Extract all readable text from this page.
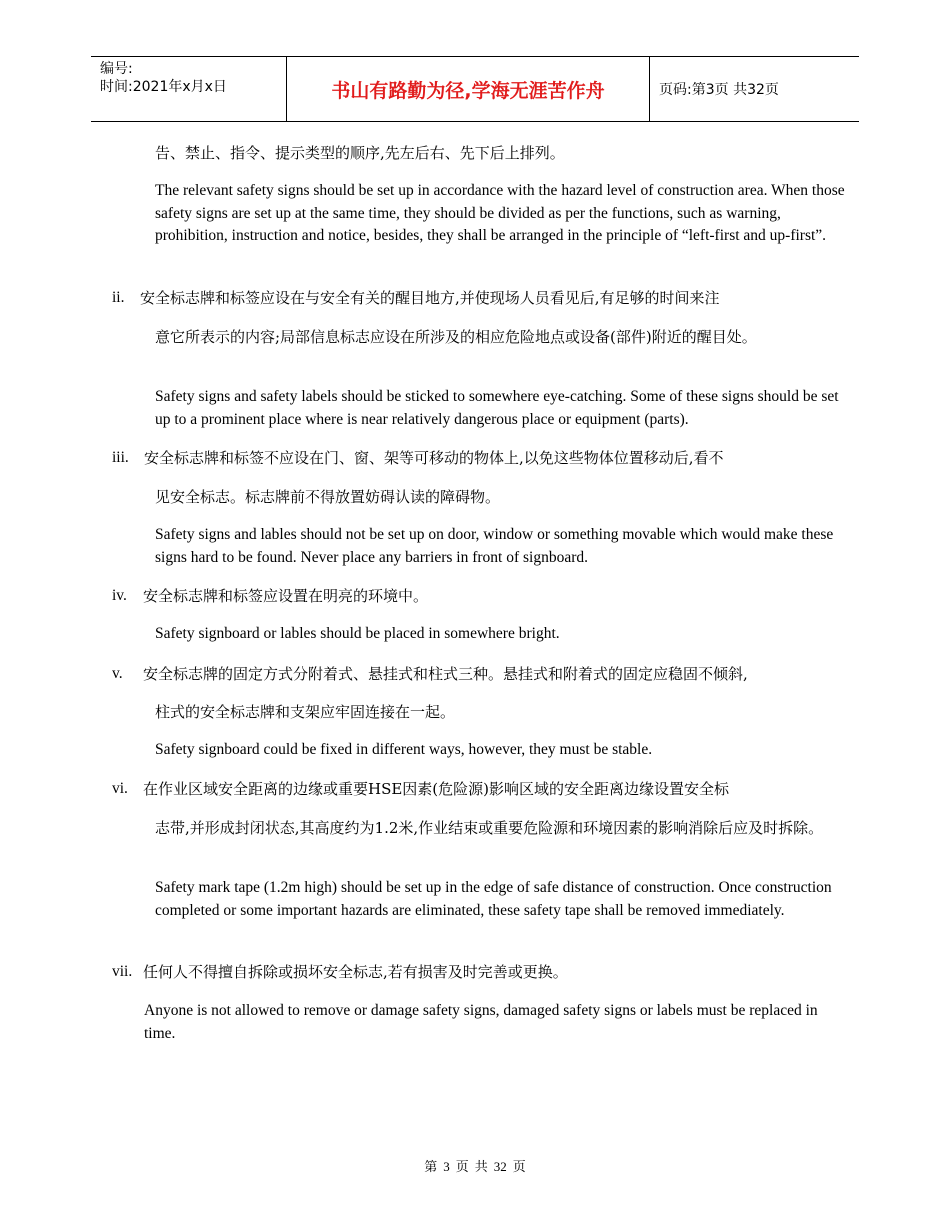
编号:
时间:2021年x月x日	书山有路勤为径,学海无涯苦作舟	页码:第3页 共32页
告、禁止、指令、提示类型的顺序,先左后右、先下后上排列。
The relevant safety signs should be set up in accordance with the hazard level of construction area. When those safety signs are set up at the same time, they should be divided as per the functions, such as warning, prohibition, instruction and notice, besides, they shall be arranged in the principle of “left-first and up-first”.
ii. 安全标志牌和标签应设在与安全有关的醒目地方,并使现场人员看见后,有足够的时间来注
意它所表示的内容;局部信息标志应设在所涉及的相应危险地点或设备(部件)附近的醒目处。
Safety signs and safety labels should be sticked to somewhere eye-catching. Some of these signs should be set up to a prominent place where is near relatively dangerous place or equipment (parts).
iii. 安全标志牌和标签不应设在门、窗、架等可移动的物体上,以免这些物体位置移动后,看不
见安全标志。标志牌前不得放置妨碍认读的障碍物。
Safety signs and lables should not be set up on door, window or something movable which would make these signs hard to be found. Never place any barriers in front of signboard.
iv. 安全标志牌和标签应设置在明亮的环境中。
Safety signboard or lables should be placed in somewhere bright.
v. 安全标志牌的固定方式分附着式、悬挂式和柱式三种。悬挂式和附着式的固定应稳固不倾斜,
柱式的安全标志牌和支架应牢固连接在一起。
Safety signboard could be fixed in different ways, however, they must be stable.
vi. 在作业区域安全距离的边缘或重要HSE因素(危险源)影响区域的安全距离边缘设置安全标
志带,并形成封闭状态,其高度约为1.2米,作业结束或重要危险源和环境因素的影响消除后应及时拆除。
Safety mark tape (1.2m high) should be set up in the edge of safe distance of construction. Once construction completed or some important hazards are eliminated, these safety tape shall be removed immediately.
vii. 任何人不得擅自拆除或损坏安全标志,若有损害及时完善或更换。
Anyone is not allowed to remove or damage safety signs, damaged safety signs or labels must be replaced in time.
第 3 页 共 32 页
